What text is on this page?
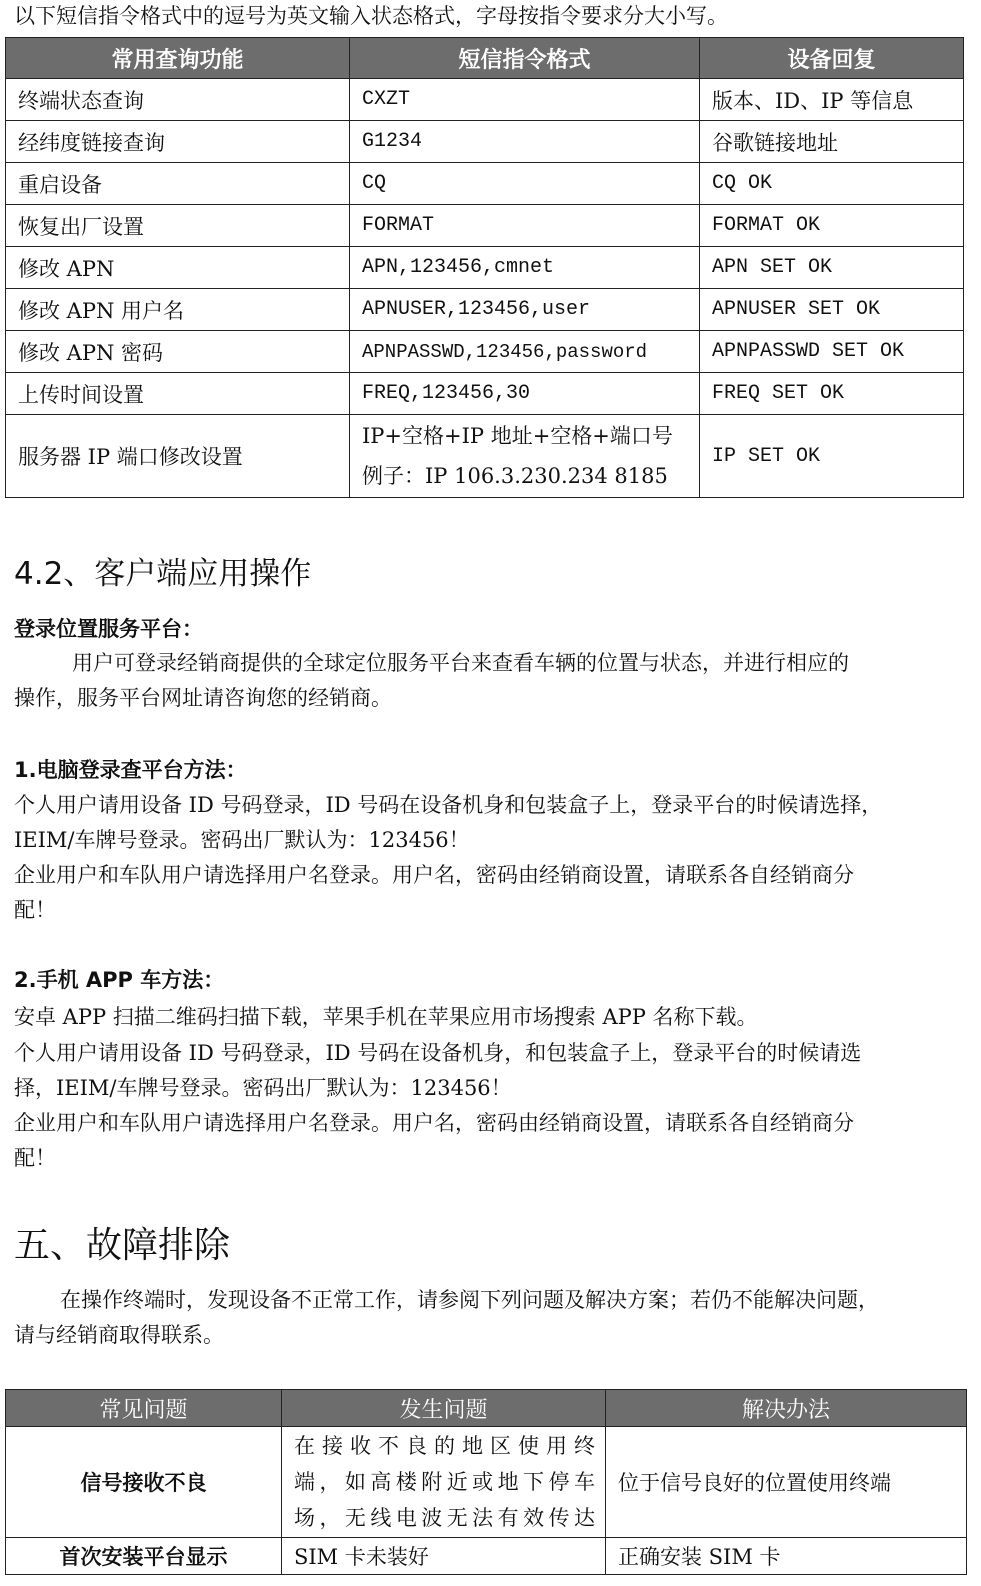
以下短信指令格式中的逗号为英文输入状态格式，字母按指令要求分大小写。
常用查询功能	短信指令格式	设备回复
终端状态查询	CXZT	版本、ID、IP 等信息
经纬度链接查询	G1234	谷歌链接地址
重启设备	CQ	CQ OK
恢复出厂设置	FORMAT	FORMAT OK
修改 APN	APN,123456,cmnet	APN SET OK
修改 APN 用户名	APNUSER,123456,user	APNUSER SET OK
修改 APN 密码	APNPASSWD,123456,password	APNPASSWD SET OK
上传时间设置	FREQ,123456,30	FREQ SET OK
服务器 IP 端口修改设置	IP+空格+IP 地址+空格+端口号
例子：IP 106.3.230.234 8185	IP SET OK
4.2、客户端应用操作
登录位置服务平台：
用户可登录经销商提供的全球定位服务平台来查看车辆的位置与状态，并进行相应的
操作，服务平台网址请咨询您的经销商。
1.电脑登录查平台方法：
个人用户请用设备 ID 号码登录，ID 号码在设备机身和包装盒子上，登录平台的时候请选择，
IEIM/车牌号登录。密码出厂默认为：123456！
企业用户和车队用户请选择用户名登录。用户名，密码由经销商设置，请联系各自经销商分
配！
2.手机 APP 车方法：
安卓 APP 扫描二维码扫描下载，苹果手机在苹果应用市场搜索 APP 名称下载。
个人用户请用设备 ID 号码登录，ID 号码在设备机身，和包装盒子上，登录平台的时候请选
择，IEIM/车牌号登录。密码出厂默认为：123456！
企业用户和车队用户请选择用户名登录。用户名，密码由经销商设置，请联系各自经销商分
配！
五、故障排除
在操作终端时，发现设备不正常工作，请参阅下列问题及解决方案；若仍不能解决问题，
请与经销商取得联系。
常见问题	发生问题	解决办法
信号接收不良	在接收不良的地区使用终
端，如高楼附近或地下停车
场，无线电波无法有效传达	位于信号良好的位置使用终端
首次安装平台显示	SIM 卡未装好	正确安装 SIM 卡
